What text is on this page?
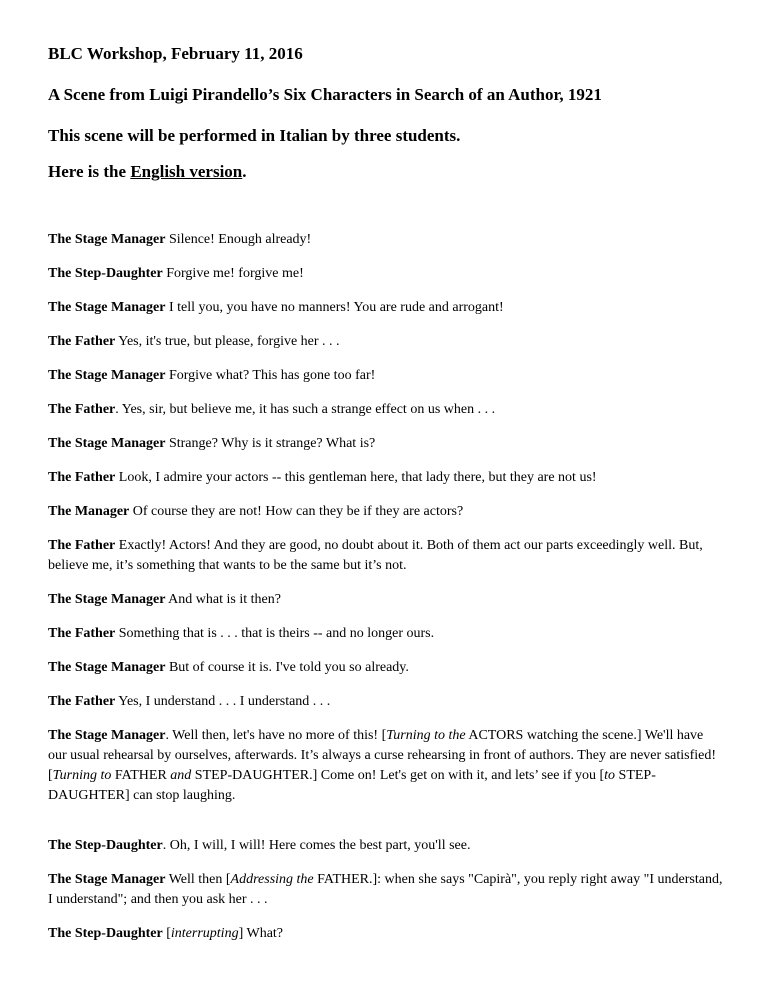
BLC Workshop, February 11, 2016

A Scene from Luigi Pirandello’s Six Characters in Search of an Author, 1921

This scene will be performed in Italian by three students.

Here is the English version.

The Stage Manager Silence! Enough already!

The Step-Daughter Forgive me! forgive me!

The Stage Manager I tell you, you have no manners! You are rude and arrogant!

The Father Yes, it's true, but please, forgive her . . .

The Stage Manager Forgive what? This has gone too far!

The Father. Yes, sir, but believe me, it has such a strange effect on us when . . .

The Stage Manager Strange? Why is it strange? What is?

The Father Look, I admire your actors -- this gentleman here, that lady there, but they are not us!

The Manager Of course they are not! How can they be if they are actors?

The Father Exactly! Actors! And they are good, no doubt about it. Both of them act our parts exceedingly well. But, believe me, it’s something that wants to be the same but it’s not.

The Stage Manager And what is it then?

The Father Something that is . . . that is theirs -- and no longer ours.

The Stage Manager But of course it is. I've told you so already.

The Father Yes, I understand . . . I understand . . .

The Stage Manager. Well then, let's have no more of this! [Turning to the ACTORS watching the scene.] We'll have our usual rehearsal by ourselves, afterwards. It’s always a curse rehearsing in front of authors. They are never satisfied! [Turning to FATHER and STEP-DAUGHTER.] Come on! Let's get on with it, and lets’ see if you [to STEP-DAUGHTER] can stop laughing.

The Step-Daughter. Oh, I will, I will! Here comes the best part, you'll see.

The Stage Manager Well then [Addressing the FATHER.]: when she says "Capirà", you reply right away "I understand, I understand"; and then you ask her . . .

The Step-Daughter [interrupting] What?
